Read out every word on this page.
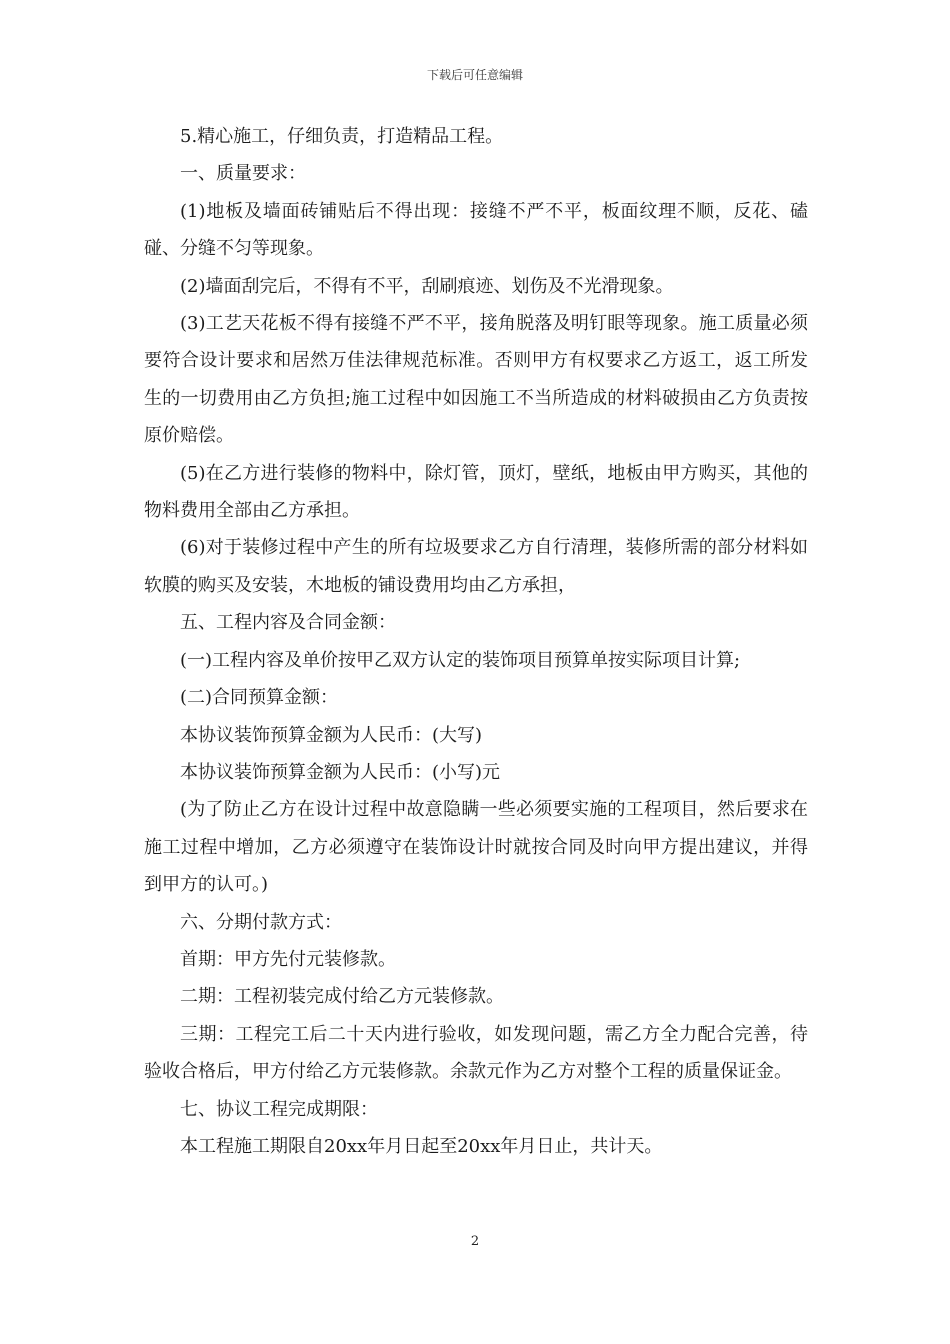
下载后可任意编辑

5.精心施工，仔细负责，打造精品工程。

一、质量要求：

(1)地板及墙面砖铺贴后不得出现：接缝不严不平，板面纹理不顺，反花、磕碰、分缝不匀等现象。

(2)墙面刮完后，不得有不平，刮刷痕迹、划伤及不光滑现象。

(3)工艺天花板不得有接缝不严不平，接角脱落及明钉眼等现象。施工质量必须要符合设计要求和居然万佳法律规范标准。否则甲方有权要求乙方返工，返工所发生的一切费用由乙方负担;施工过程中如因施工不当所造成的材料破损由乙方负责按原价赔偿。

(5)在乙方进行装修的物料中，除灯管，顶灯，壁纸，地板由甲方购买，其他的物料费用全部由乙方承担。

(6)对于装修过程中产生的所有垃圾要求乙方自行清理，装修所需的部分材料如软膜的购买及安装，木地板的铺设费用均由乙方承担，

五、工程内容及合同金额：

(一)工程内容及单价按甲乙双方认定的装饰项目预算单按实际项目计算;

(二)合同预算金额：

本协议装饰预算金额为人民币：(大写)

本协议装饰预算金额为人民币：(小写)元

(为了防止乙方在设计过程中故意隐瞒一些必须要实施的工程项目，然后要求在施工过程中增加，乙方必须遵守在装饰设计时就按合同及时向甲方提出建议，并得到甲方的认可。)

六、分期付款方式：

首期：甲方先付元装修款。

二期：工程初装完成付给乙方元装修款。

三期：工程完工后二十天内进行验收，如发现问题，需乙方全力配合完善，待验收合格后，甲方付给乙方元装修款。余款元作为乙方对整个工程的质量保证金。

七、协议工程完成期限：

本工程施工期限自20xx年月日起至20xx年月日止，共计天。

2
